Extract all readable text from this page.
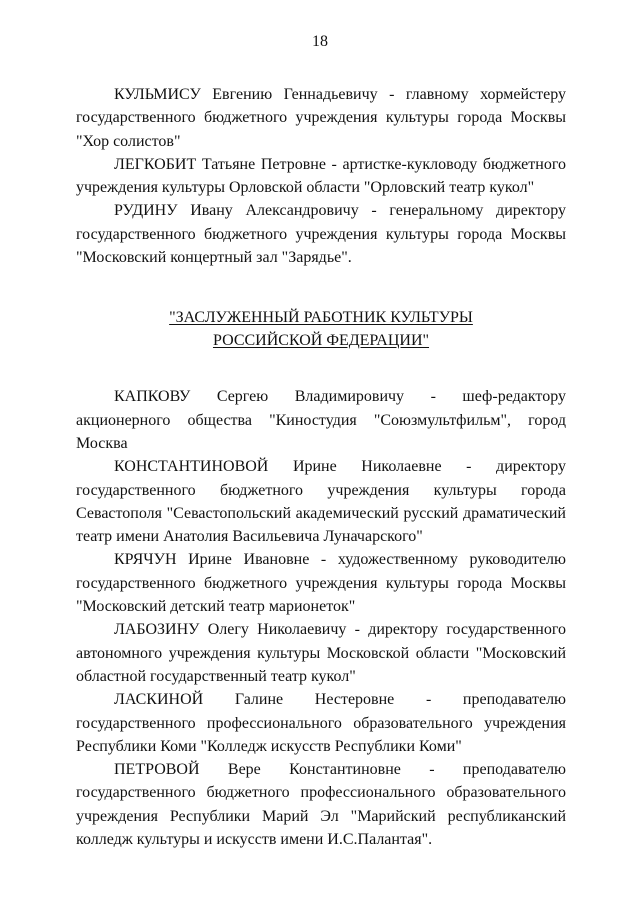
18

КУЛЬМИСУ Евгению Геннадьевичу - главному хормейстеру государственного бюджетного учреждения культуры города Москвы "Хор солистов"

ЛЕГКОБИТ Татьяне Петровне - артистке-кукловоду бюджетного учреждения культуры Орловской области "Орловский театр кукол"

РУДИНУ Ивану Александровичу - генеральному директору государственного бюджетного учреждения культуры города Москвы "Московский концертный зал "Зарядье".

"ЗАСЛУЖЕННЫЙ РАБОТНИК КУЛЬТУРЫ
РОССИЙСКОЙ ФЕДЕРАЦИИ"

КАПКОВУ Сергею Владимировичу - шеф-редактору акционерного общества "Киностудия "Союзмультфильм", город Москва

КОНСТАНТИНОВОЙ Ирине Николаевне - директору государственного бюджетного учреждения культуры города Севастополя "Севастопольский академический русский драматический театр имени Анатолия Васильевича Луначарского"

КРЯЧУН Ирине Ивановне - художественному руководителю государственного бюджетного учреждения культуры города Москвы "Московский детский театр марионеток"

ЛАБОЗИНУ Олегу Николаевичу - директору государственного автономного учреждения культуры Московской области "Московский областной государственный театр кукол"

ЛАСКИНОЙ Галине Нестеровне - преподавателю государственного профессионального образовательного учреждения Республики Коми "Колледж искусств Республики Коми"

ПЕТРОВОЙ Вере Константиновне - преподавателю государственного бюджетного профессионального образовательного учреждения Республики Марий Эл "Марийский республиканский колледж культуры и искусств имени И.С.Палантая".
